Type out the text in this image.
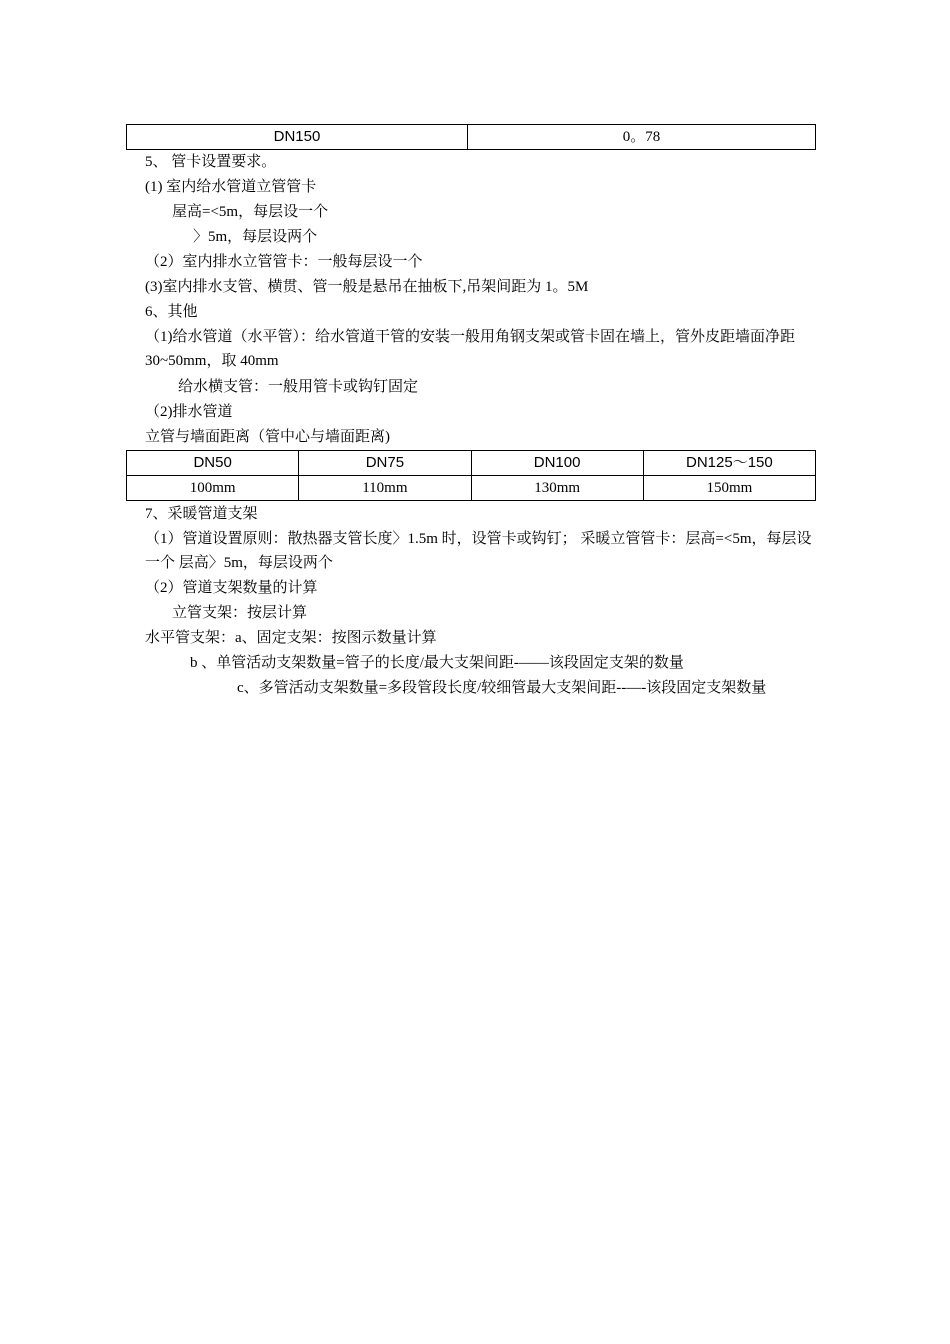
DN150	0。78
5、 管卡设置要求。
(1) 室内给水管道立管管卡
屋高=<5m，每层设一个
〉5m，每层设两个
（2）室内排水立管管卡：一般每层设一个
(3)室内排水支管、横贯、管一般是悬吊在抽板下,吊架间距为 1。5M
6、其他
（1)给水管道（水平管）：给水管道干管的安装一般用角钢支架或管卡固在墙上，管外皮距墙面净距 30~50mm，取 40mm
给水横支管：一般用管卡或钩钉固定
（2)排水管道
立管与墙面距离（管中心与墙面距离)
DN50	DN75	DN100	DN125～150
100mm	110mm	130mm	150mm
7、采暖管道支架
（1）管道设置原则：散热器支管长度〉1.5m 时，设管卡或钩钉； 采暖立管管卡：层高=<5m，每层设一个 层高〉5m，每层设两个
（2）管道支架数量的计算
立管支架：按层计算
水平管支架：a、固定支架：按图示数量计算
b 、单管活动支架数量=管子的长度/最大支架间距-——该段固定支架的数量
c、多管活动支架数量=多段管段长度/较细管最大支架间距--—-该段固定支架数量
